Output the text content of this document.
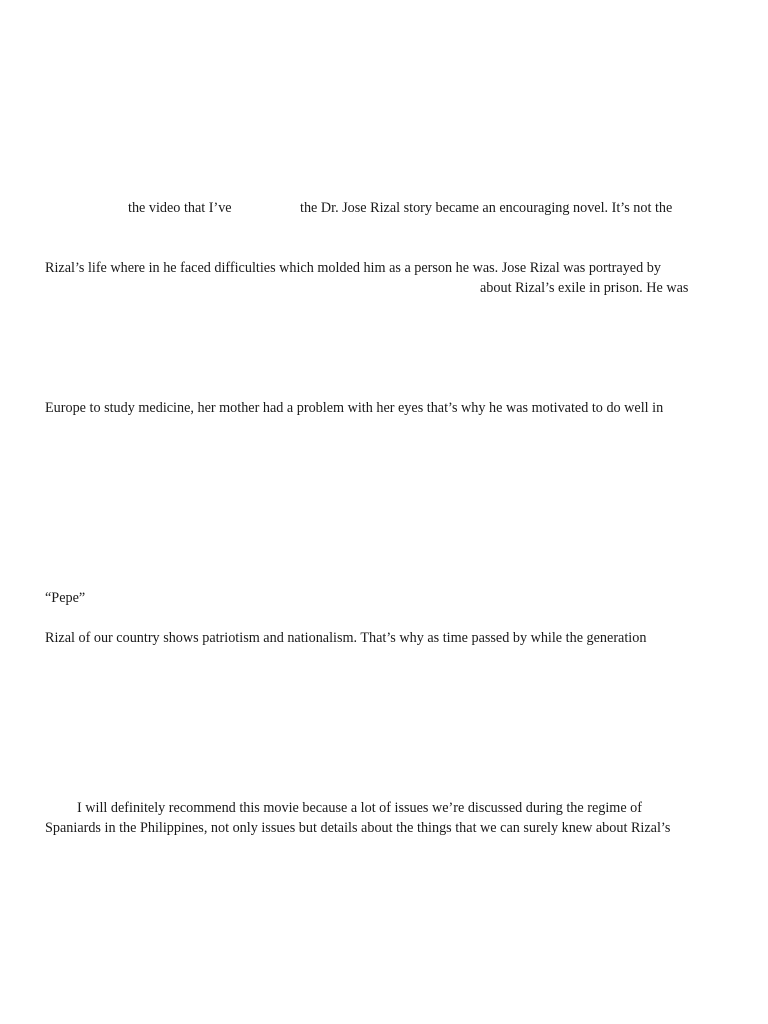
the video that I’ve	the Dr. Jose Rizal story became an encouraging novel. It’s not the
Rizal’s life where in he faced difficulties which molded him as a person he was. Jose Rizal was portrayed by
about Rizal’s exile in prison. He was
Europe to study medicine, her mother had a problem with her eyes that’s why he was motivated to do well in
“Pepe”
Rizal of our country shows patriotism and nationalism. That’s why as time passed by while the generation
I will definitely recommend this movie because a lot of issues we’re discussed during the regime of
Spaniards in the Philippines, not only issues but details about the things that we can surely knew about Rizal’s
